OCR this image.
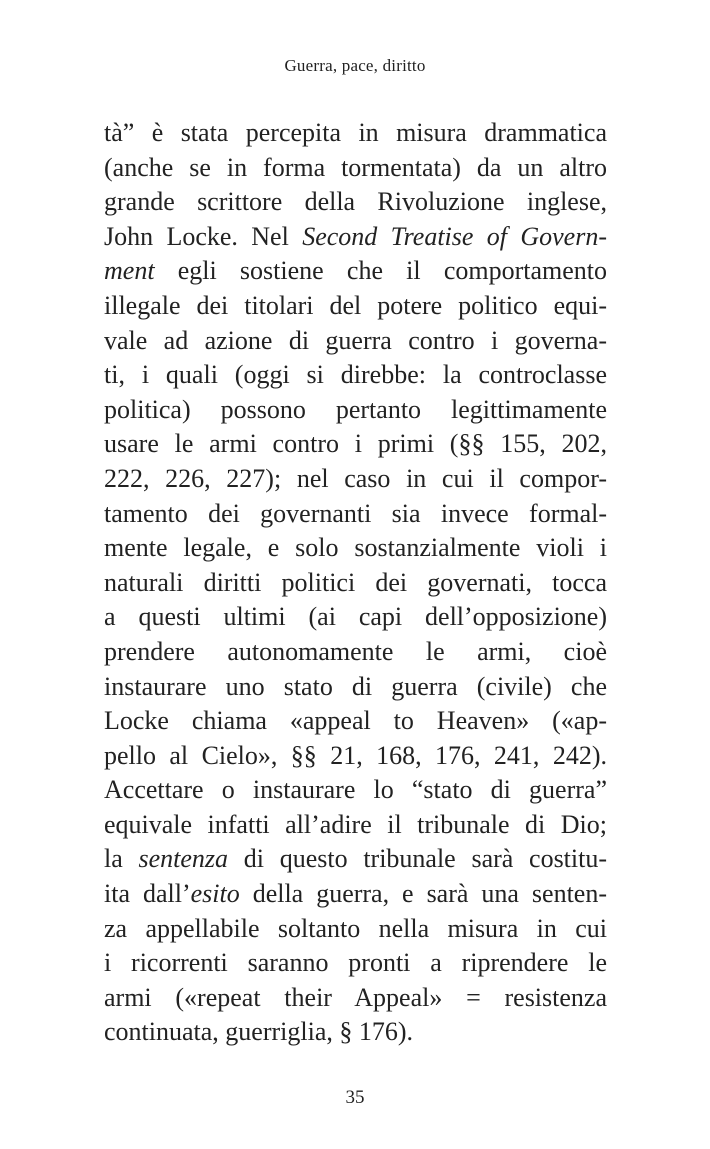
Guerra, pace, diritto
tà” è stata percepita in misura drammatica
(anche se in forma tormentata) da un altro
grande scrittore della Rivoluzione inglese,
John Locke. Nel Second Treatise of Govern-
ment egli sostiene che il comportamento
illegale dei titolari del potere politico equi-
vale ad azione di guerra contro i governa-
ti, i quali (oggi si direbbe: la controclasse
politica) possono pertanto legittimamente
usare le armi contro i primi (§§ 155, 202,
222, 226, 227); nel caso in cui il compor-
tamento dei governanti sia invece formal-
mente legale, e solo sostanzialmente violi i
naturali diritti politici dei governati, tocca
a questi ultimi (ai capi dell’opposizione)
prendere autonomamente le armi, cioè
instaurare uno stato di guerra (civile) che
Locke chiama «appeal to Heaven» («ap-
pello al Cielo», §§ 21, 168, 176, 241, 242).
Accettare o instaurare lo “stato di guerra”
equivale infatti all’adire il tribunale di Dio;
la sentenza di questo tribunale sarà costitu-
ita dall’esito della guerra, e sarà una senten-
za appellabile soltanto nella misura in cui
i ricorrenti saranno pronti a riprendere le
armi («repeat their Appeal» = resistenza
continuata, guerriglia, § 176).
35
